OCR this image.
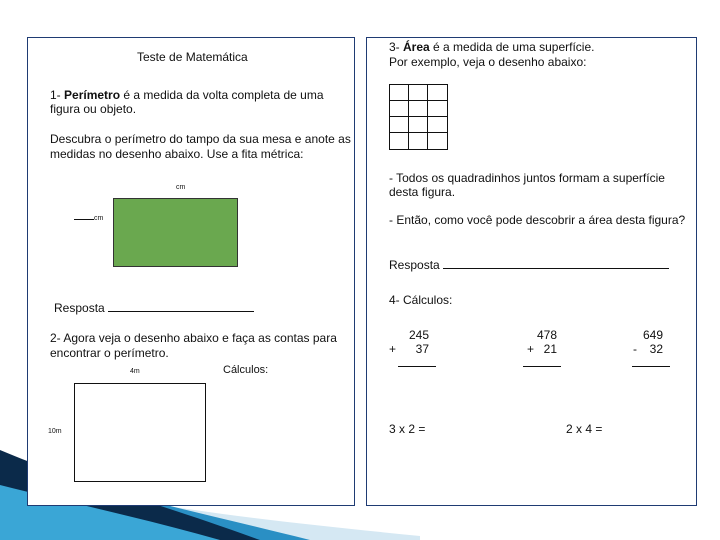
Teste de Matemática
1- Perímetro é a medida da volta completa de uma
figura ou objeto.
Descubra o perímetro do tampo da sua mesa e anote as
medidas no desenho abaixo. Use a fita métrica:
cm
cm
Resposta
2- Agora veja o desenho abaixo e faça as contas para
encontrar o perímetro.
Cálculos:
4m
10m
3- Área é a medida de uma superfície.
Por exemplo, veja o desenho abaixo:
- Todos os quadradinhos juntos formam a superfície
desta figura.
- Então, como você pode descobrir a área desta figura?
Resposta
4- Cálculos:
245
+	37
478
+ 21
649
-	32
3 x 2 =	2 x 4 =
